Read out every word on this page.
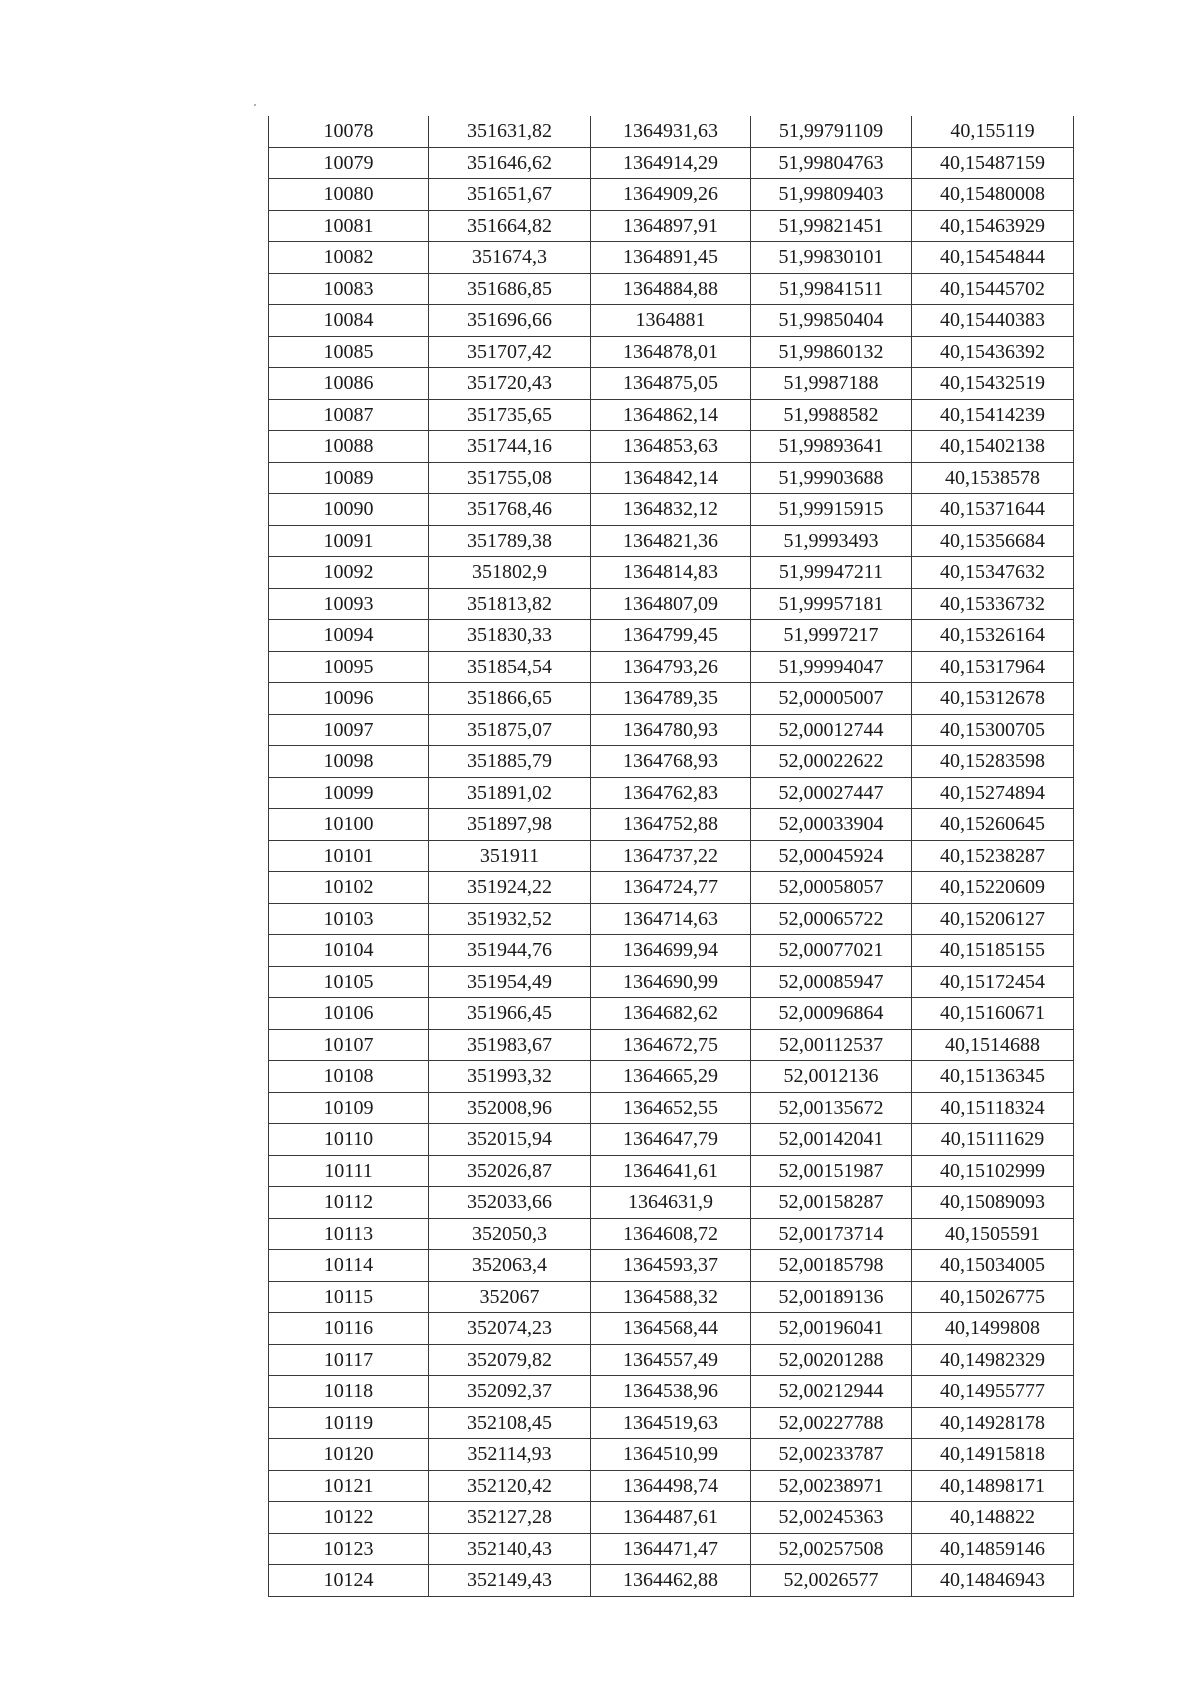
10078	351631,82	1364931,63	51,99791109	40,155119
10079	351646,62	1364914,29	51,99804763	40,15487159
10080	351651,67	1364909,26	51,99809403	40,15480008
10081	351664,82	1364897,91	51,99821451	40,15463929
10082	351674,3	1364891,45	51,99830101	40,15454844
10083	351686,85	1364884,88	51,99841511	40,15445702
10084	351696,66	1364881	51,99850404	40,15440383
10085	351707,42	1364878,01	51,99860132	40,15436392
10086	351720,43	1364875,05	51,9987188	40,15432519
10087	351735,65	1364862,14	51,9988582	40,15414239
10088	351744,16	1364853,63	51,99893641	40,15402138
10089	351755,08	1364842,14	51,99903688	40,1538578
10090	351768,46	1364832,12	51,99915915	40,15371644
10091	351789,38	1364821,36	51,9993493	40,15356684
10092	351802,9	1364814,83	51,99947211	40,15347632
10093	351813,82	1364807,09	51,99957181	40,15336732
10094	351830,33	1364799,45	51,9997217	40,15326164
10095	351854,54	1364793,26	51,99994047	40,15317964
10096	351866,65	1364789,35	52,00005007	40,15312678
10097	351875,07	1364780,93	52,00012744	40,15300705
10098	351885,79	1364768,93	52,00022622	40,15283598
10099	351891,02	1364762,83	52,00027447	40,15274894
10100	351897,98	1364752,88	52,00033904	40,15260645
10101	351911	1364737,22	52,00045924	40,15238287
10102	351924,22	1364724,77	52,00058057	40,15220609
10103	351932,52	1364714,63	52,00065722	40,15206127
10104	351944,76	1364699,94	52,00077021	40,15185155
10105	351954,49	1364690,99	52,00085947	40,15172454
10106	351966,45	1364682,62	52,00096864	40,15160671
10107	351983,67	1364672,75	52,00112537	40,1514688
10108	351993,32	1364665,29	52,0012136	40,15136345
10109	352008,96	1364652,55	52,00135672	40,15118324
10110	352015,94	1364647,79	52,00142041	40,15111629
10111	352026,87	1364641,61	52,00151987	40,15102999
10112	352033,66	1364631,9	52,00158287	40,15089093
10113	352050,3	1364608,72	52,00173714	40,1505591
10114	352063,4	1364593,37	52,00185798	40,15034005
10115	352067	1364588,32	52,00189136	40,15026775
10116	352074,23	1364568,44	52,00196041	40,1499808
10117	352079,82	1364557,49	52,00201288	40,14982329
10118	352092,37	1364538,96	52,00212944	40,14955777
10119	352108,45	1364519,63	52,00227788	40,14928178
10120	352114,93	1364510,99	52,00233787	40,14915818
10121	352120,42	1364498,74	52,00238971	40,14898171
10122	352127,28	1364487,61	52,00245363	40,148822
10123	352140,43	1364471,47	52,00257508	40,14859146
10124	352149,43	1364462,88	52,0026577	40,14846943
